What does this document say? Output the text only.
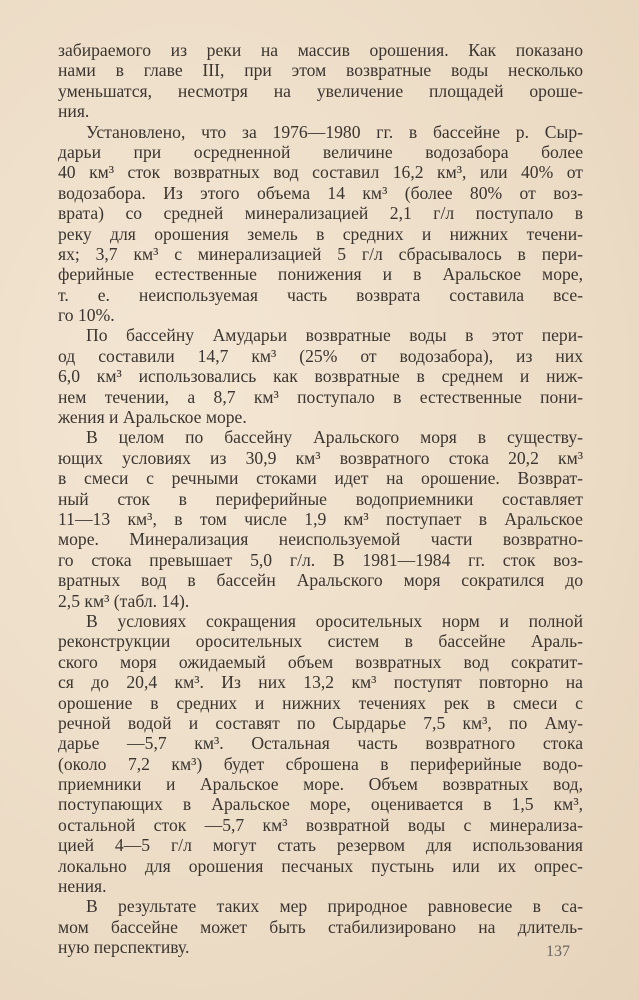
забираемого из реки на массив орошения. Как показано
нами в главе III, при этом возвратные воды несколько
уменьшатся, несмотря на увеличение площадей ороше-
ния.
Установлено, что за 1976—1980 гг. в бассейне р. Сыр-
дарьи при осредненной величине водозабора более
40 км³ сток возвратных вод составил 16,2 км³, или 40% от
водозабора. Из этого объема 14 км³ (более 80% от воз-
врата) со средней минерализацией 2,1 г/л поступало в
реку для орошения земель в средних и нижних течени-
ях; 3,7 км³ с минерализацией 5 г/л сбрасывалось в пери-
ферийные естественные понижения и в Аральское море,
т. е. неиспользуемая часть возврата составила все-
го 10%.
По бассейну Амударьи возвратные воды в этот пери-
од составили 14,7 км³ (25% от водозабора), из них
6,0 км³ использовались как возвратные в среднем и ниж-
нем течении, а 8,7 км³ поступало в естественные пони-
жения и Аральское море.
В целом по бассейну Аральского моря в существу-
ющих условиях из 30,9 км³ возвратного стока 20,2 км³
в смеси с речными стоками идет на орошение. Возврат-
ный сток в периферийные водоприемники составляет
11—13 км³, в том числе 1,9 км³ поступает в Аральское
море. Минерализация неиспользуемой части возвратно-
го стока превышает 5,0 г/л. В 1981—1984 гг. сток воз-
вратных вод в бассейн Аральского моря сократился до
2,5 км³ (табл. 14).
В условиях сокращения оросительных норм и полной
реконструкции оросительных систем в бассейне Араль-
ского моря ожидаемый объем возвратных вод сократит-
ся до 20,4 км³. Из них 13,2 км³ поступят повторно на
орошение в средних и нижних течениях рек в смеси с
речной водой и составят по Сырдарье 7,5 км³, по Аму-
дарье —5,7 км³. Остальная часть возвратного стока
(около 7,2 км³) будет сброшена в периферийные водо-
приемники и Аральское море. Объем возвратных вод,
поступающих в Аральское море, оценивается в 1,5 км³,
остальной сток —5,7 км³ возвратной воды с минерализа-
цией 4—5 г/л могут стать резервом для использования
локально для орошения песчаных пустынь или их опрес-
нения.
В результате таких мер природное равновесие в са-
мом бассейне может быть стабилизировано на длитель-
ную перспективу.	137
